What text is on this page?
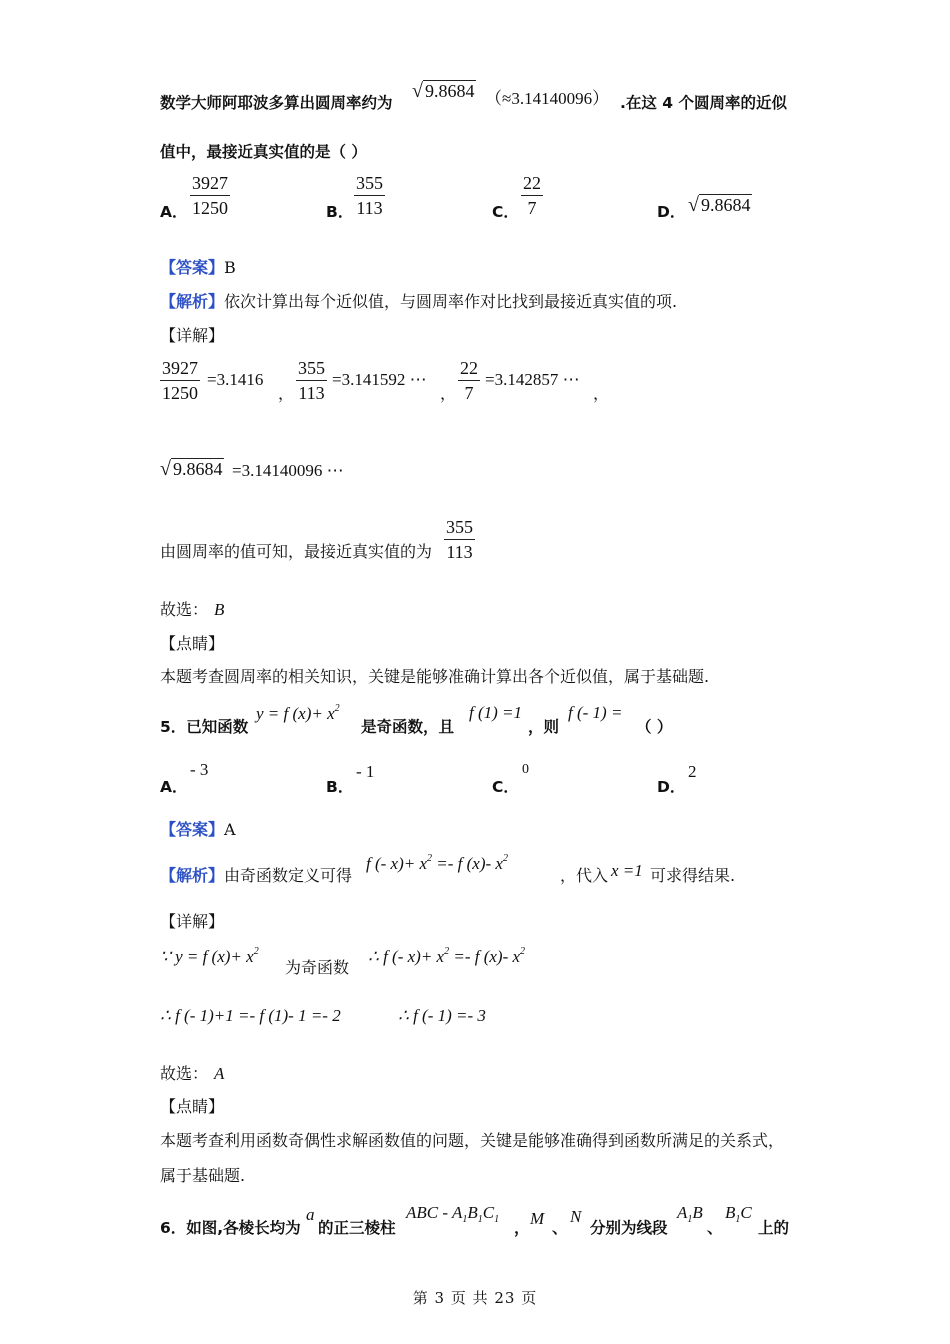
数学大师阿耶波多算出圆周率约为
√ 9.8684 （≈3.14140096） .在这 4 个圆周率的近似
值中，最接近真实值的是（ ）
A． $\frac{3927}{1250}$	B． $\frac{355}{113}$	C． $\frac{22}{7}$	D． √ 9.8684
【答案】B
【解析】依次计算出每个近似值，与圆周率作对比找到最接近真实值的项.
【详解】
$\frac{3927}{1250} =3.1416$
， $\frac{355}{113} =3.141592$ ⋯
， $\frac{22}{7} =3.142857$ ⋯
，
√ 9.8684 =3.14140096 ⋯
由圆周率的值可知，最接近真实值的为 $\frac{355}{113}$
故选： B
【点睛】
本题考查圆周率的相关知识，关键是能够准确计算出各个近似值，属于基础题.
5．已知函数
y = f $(x)+ x^2$
是奇函数，且
f (1) =1
，则
f (- 1) =
（ ）
A．
- 3
B．
- 1
C．
0
D．
2
【答案】A
【解析】由奇函数定义可得
f (- $x)+ x^2 =- f$ (x)- $x^2$
，代入 x =1 可求得结果.
【详解】
∵ y = f $(x)+ x^2$
为奇函数
∴ f (- $x)+ x^2 =- f$ (x)- $x^2$
∴ f (- 1)+1 =- f (1)- 1 =- 2	∴ f (- 1) =- 3
故选： A
【点睛】
本题考查利用函数奇偶性求解函数值的问题，关键是能够准确得到函数所满足的关系式，
属于基础题.
6．如图,各棱长均为
a
的正三棱柱
ABC - $A_1B_1C_1$ ， M 、
N
分别为线段
$A_1B$
、
$B_1C$
上的
第 3 页 共 23 页
